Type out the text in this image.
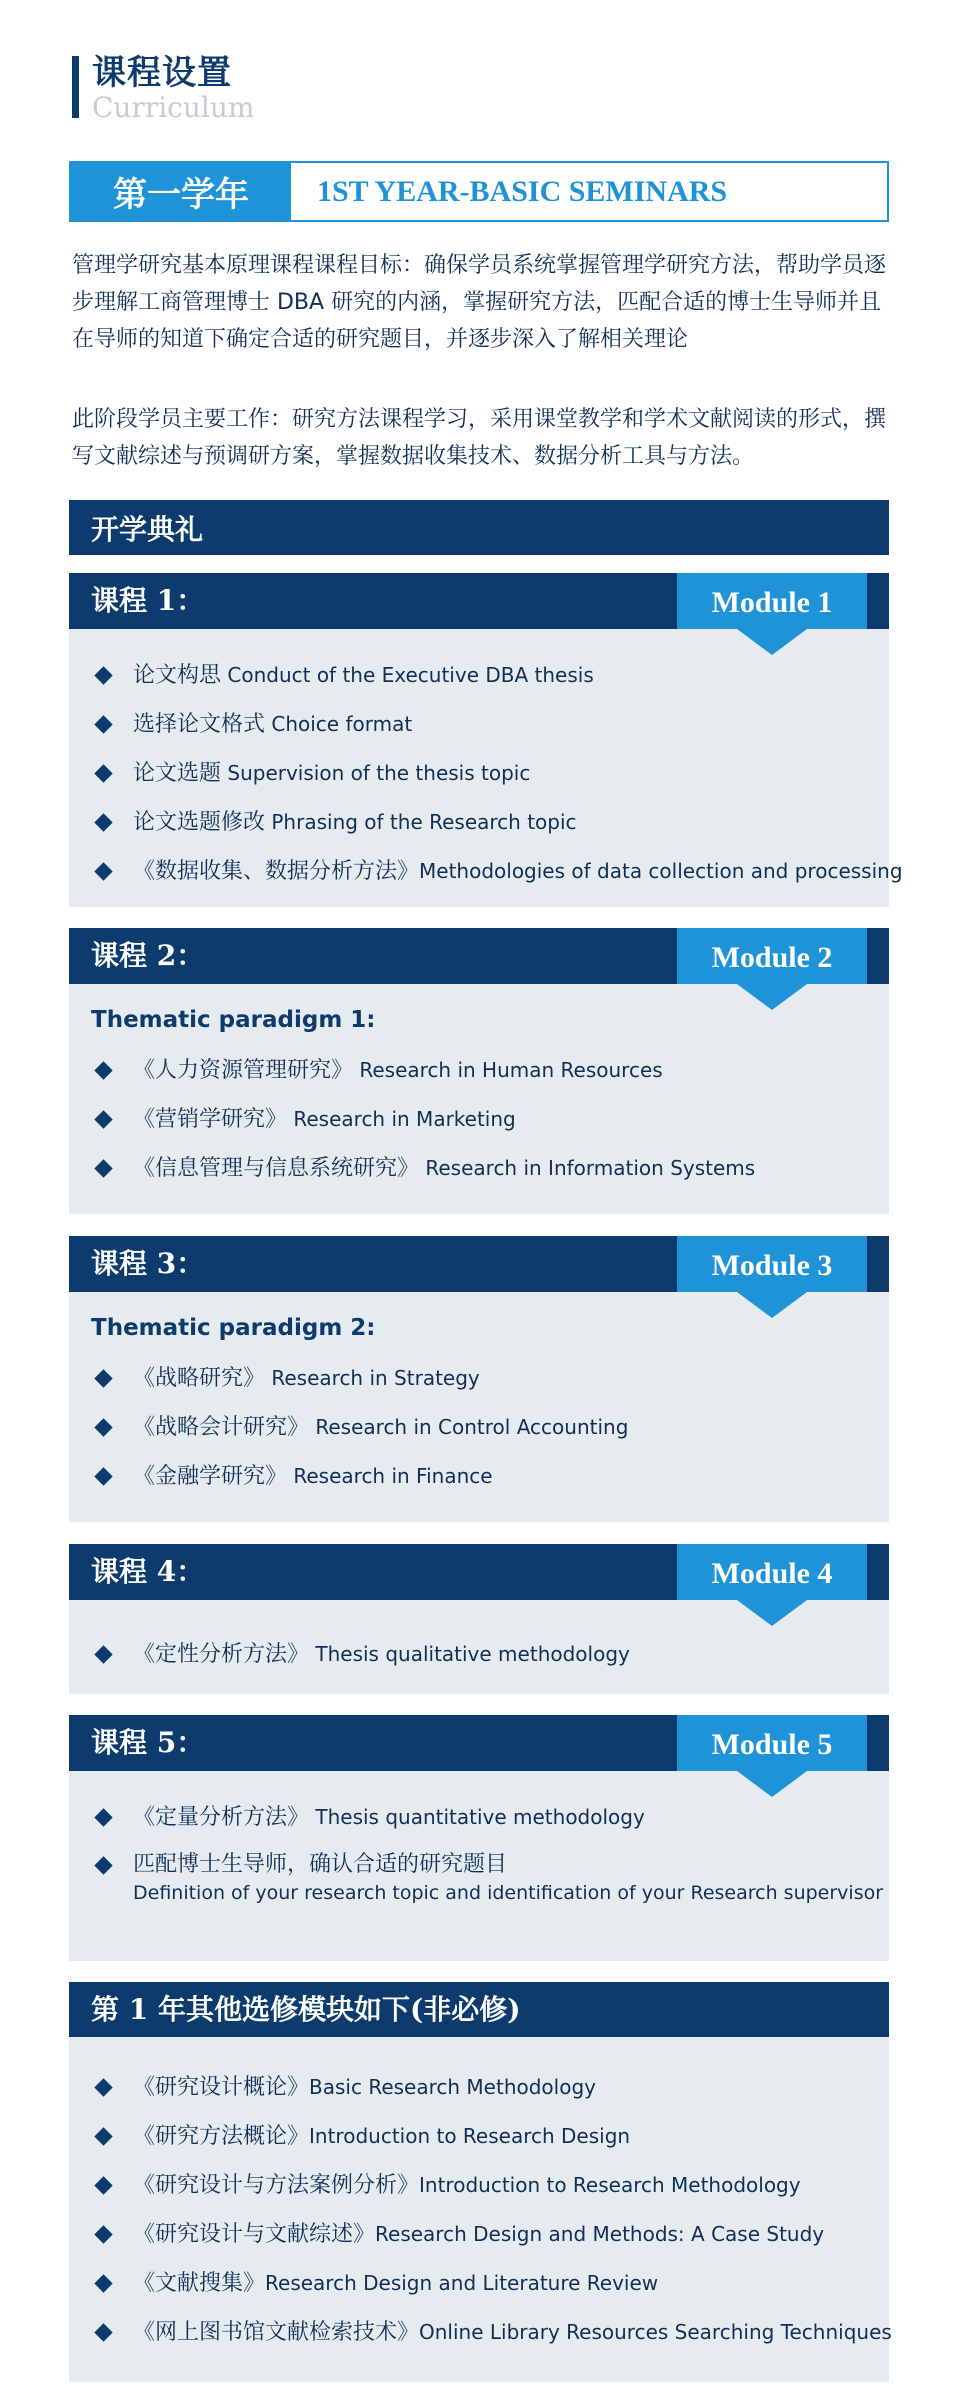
课程设置
Curriculum
第一学年	1ST YEAR-BASIC SEMINARS

管理学研究基本原理课程课程目标：确保学员系统掌握管理学研究方法，帮助学员逐步理解工商管理博士 DBA 研究的内涵，掌握研究方法，匹配合适的博士生导师并且在导师的知道下确定合适的研究题目，并逐步深入了解相关理论

此阶段学员主要工作：研究方法课程学习，采用课堂教学和学术文献阅读的形式，撰写文献综述与预调研方案，掌握数据收集技术、数据分析工具与方法。

开学典礼
课程 1：	Module 1
论文构思 Conduct of the Executive DBA thesis
选择论文格式 Choice format
论文选题 Supervision of the thesis topic
论文选题修改 Phrasing of the Research topic
《数据收集、数据分析方法》Methodologies of data collection and processing
课程 2：	Module 2
Thematic paradigm 1:
《人力资源管理研究》 Research in Human Resources
《营销学研究》 Research in Marketing
《信息管理与信息系统研究》 Research in Information Systems
课程 3：	Module 3
Thematic paradigm 2:
《战略研究》 Research in Strategy
《战略会计研究》 Research in Control Accounting
《金融学研究》 Research in Finance
课程 4：	Module 4
《定性分析方法》 Thesis qualitative methodology
课程 5：	Module 5
《定量分析方法》 Thesis quantitative methodology
匹配博士生导师，确认合适的研究题目
Definition of your research topic and identification of your Research supervisor
第 1 年其他选修模块如下(非必修)
《研究设计概论》Basic Research Methodology
《研究方法概论》Introduction to Research Design
《研究设计与方法案例分析》Introduction to Research Methodology
《研究设计与文献综述》Research Design and Methods: A Case Study
《文献搜集》Research Design and Literature Review
《网上图书馆文献检索技术》Online Library Resources Searching Techniques
